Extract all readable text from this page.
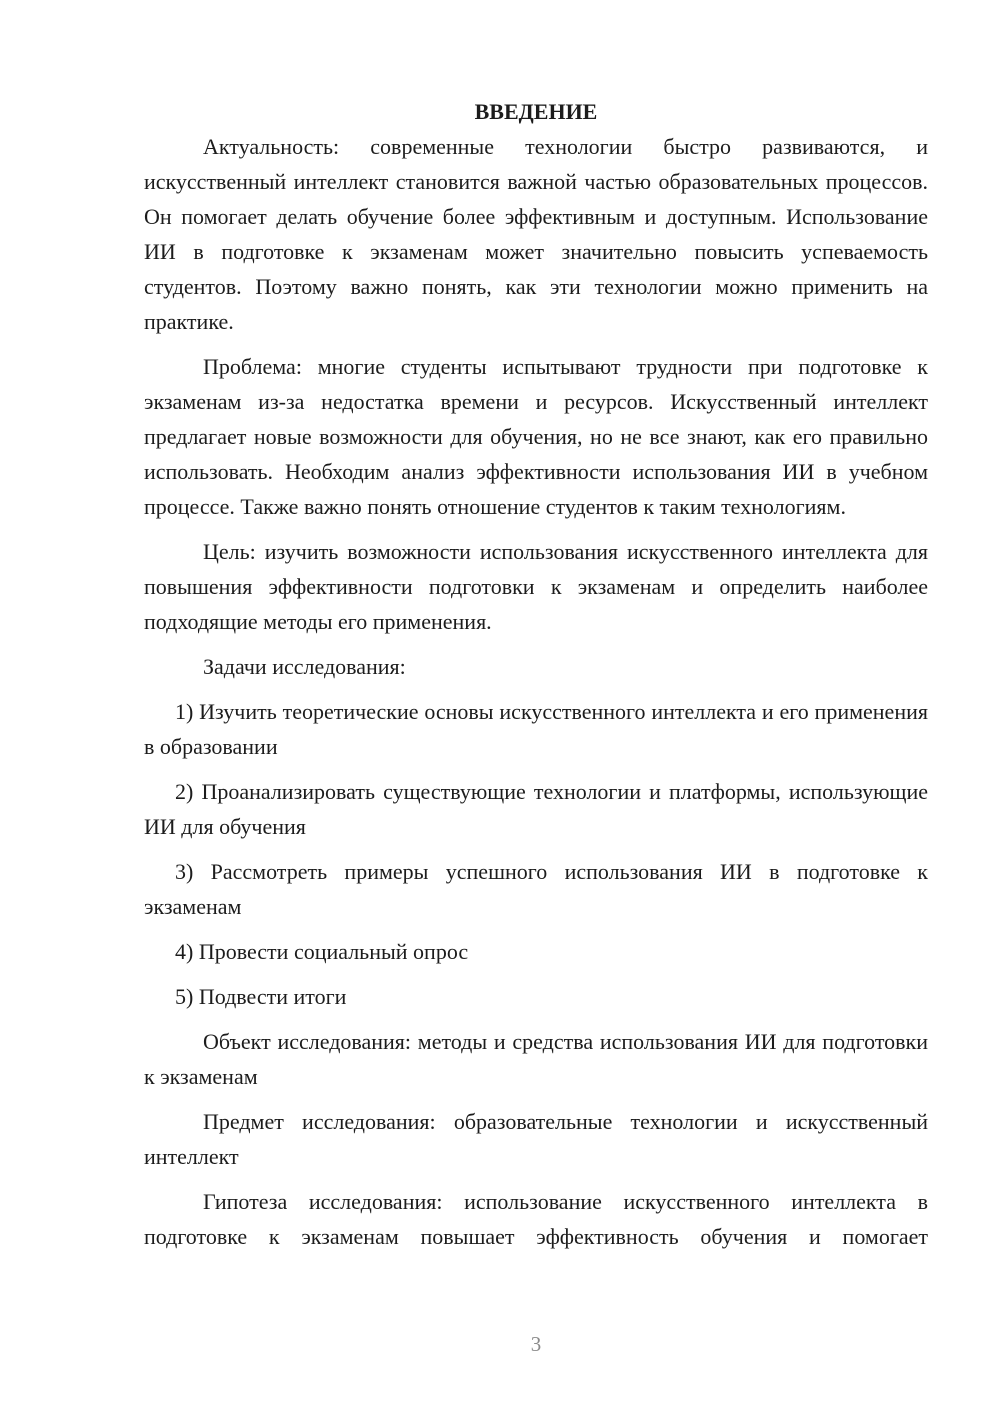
ВВЕДЕНИЕ

Актуальность: современные технологии быстро развиваются, и искусственный интеллект становится важной частью образовательных процессов. Он помогает делать обучение более эффективным и доступным. Использование ИИ в подготовке к экзаменам может значительно повысить успеваемость студентов. Поэтому важно понять, как эти технологии можно применить на практике.

Проблема: многие студенты испытывают трудности при подготовке к экзаменам из-за недостатка времени и ресурсов. Искусственный интеллект предлагает новые возможности для обучения, но не все знают, как его правильно использовать. Необходим анализ эффективности использования ИИ в учебном процессе. Также важно понять отношение студентов к таким технологиям.

Цель: изучить возможности использования искусственного интеллекта для повышения эффективности подготовки к экзаменам и определить наиболее подходящие методы его применения.

Задачи исследования:

1) Изучить теоретические основы искусственного интеллекта и его применения в образовании

2) Проанализировать существующие технологии и платформы, использующие ИИ для обучения

3) Рассмотреть примеры успешного использования ИИ в подготовке к экзаменам

4) Провести социальный опрос

5) Подвести итоги

Объект исследования: методы и средства использования ИИ для подготовки к экзаменам

Предмет исследования: образовательные технологии и искусственный интеллект

Гипотеза исследования: использование искусственного интеллекта в подготовке к экзаменам повышает эффективность обучения и помогает

3
